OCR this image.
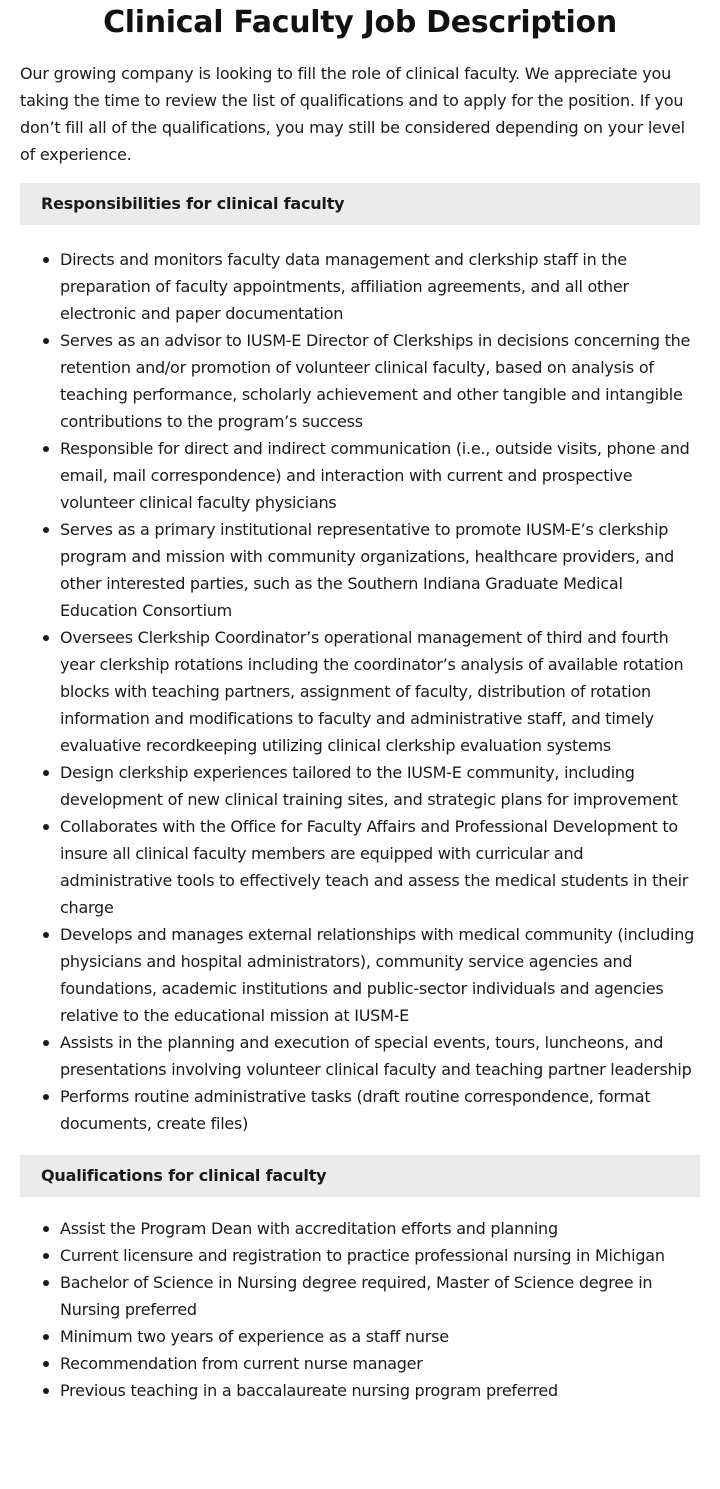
Clinical Faculty Job Description

Our growing company is looking to fill the role of clinical faculty. We appreciate you taking the time to review the list of qualifications and to apply for the position. If you don’t fill all of the qualifications, you may still be considered depending on your level of experience.

Responsibilities for clinical faculty
Directs and monitors faculty data management and clerkship staff in the preparation of faculty appointments, affiliation agreements, and all other electronic and paper documentation
Serves as an advisor to IUSM-E Director of Clerkships in decisions concerning the retention and/or promotion of volunteer clinical faculty, based on analysis of teaching performance, scholarly achievement and other tangible and intangible contributions to the program’s success
Responsible for direct and indirect communication (i.e., outside visits, phone and email, mail correspondence) and interaction with current and prospective volunteer clinical faculty physicians
Serves as a primary institutional representative to promote IUSM-E’s clerkship program and mission with community organizations, healthcare providers, and other interested parties, such as the Southern Indiana Graduate Medical Education Consortium
Oversees Clerkship Coordinator’s operational management of third and fourth year clerkship rotations including the coordinator’s analysis of available rotation blocks with teaching partners, assignment of faculty, distribution of rotation information and modifications to faculty and administrative staff, and timely evaluative recordkeeping utilizing clinical clerkship evaluation systems
Design clerkship experiences tailored to the IUSM-E community, including development of new clinical training sites, and strategic plans for improvement
Collaborates with the Office for Faculty Affairs and Professional Development to insure all clinical faculty members are equipped with curricular and administrative tools to effectively teach and assess the medical students in their charge
Develops and manages external relationships with medical community (including physicians and hospital administrators), community service agencies and foundations, academic institutions and public-sector individuals and agencies relative to the educational mission at IUSM-E
Assists in the planning and execution of special events, tours, luncheons, and presentations involving volunteer clinical faculty and teaching partner leadership
Performs routine administrative tasks (draft routine correspondence, format documents, create files)
Qualifications for clinical faculty
Assist the Program Dean with accreditation efforts and planning
Current licensure and registration to practice professional nursing in Michigan
Bachelor of Science in Nursing degree required, Master of Science degree in Nursing preferred
Minimum two years of experience as a staff nurse
Recommendation from current nurse manager
Previous teaching in a baccalaureate nursing program preferred
